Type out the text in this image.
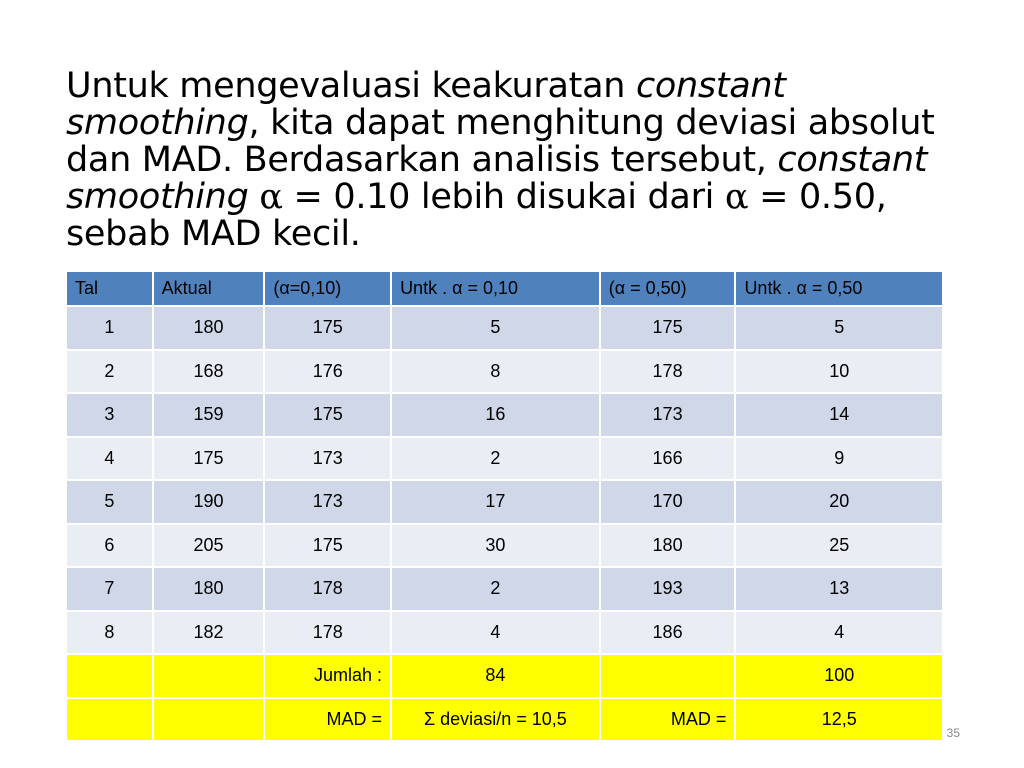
Untuk mengevaluasi keakuratan constant smoothing, kita dapat menghitung deviasi absolut dan MAD. Berdasarkan analisis tersebut, constant smoothing α = 0.10 lebih disukai dari α = 0.50, sebab MAD kecil.

Tal	Aktual	(α=0,10)	Untk . α = 0,10	(α = 0,50)	Untk . α = 0,50
1	180	175	5	175	5
2	168	176	8	178	10
3	159	175	16	173	14
4	175	173	2	166	9
5	190	173	17	170	20
6	205	175	30	180	25
7	180	178	2	193	13
8	182	178	4	186	4
		Jumlah :	84		100
		MAD =	Σ deviasi/n = 10,5	MAD =	12,5
35
